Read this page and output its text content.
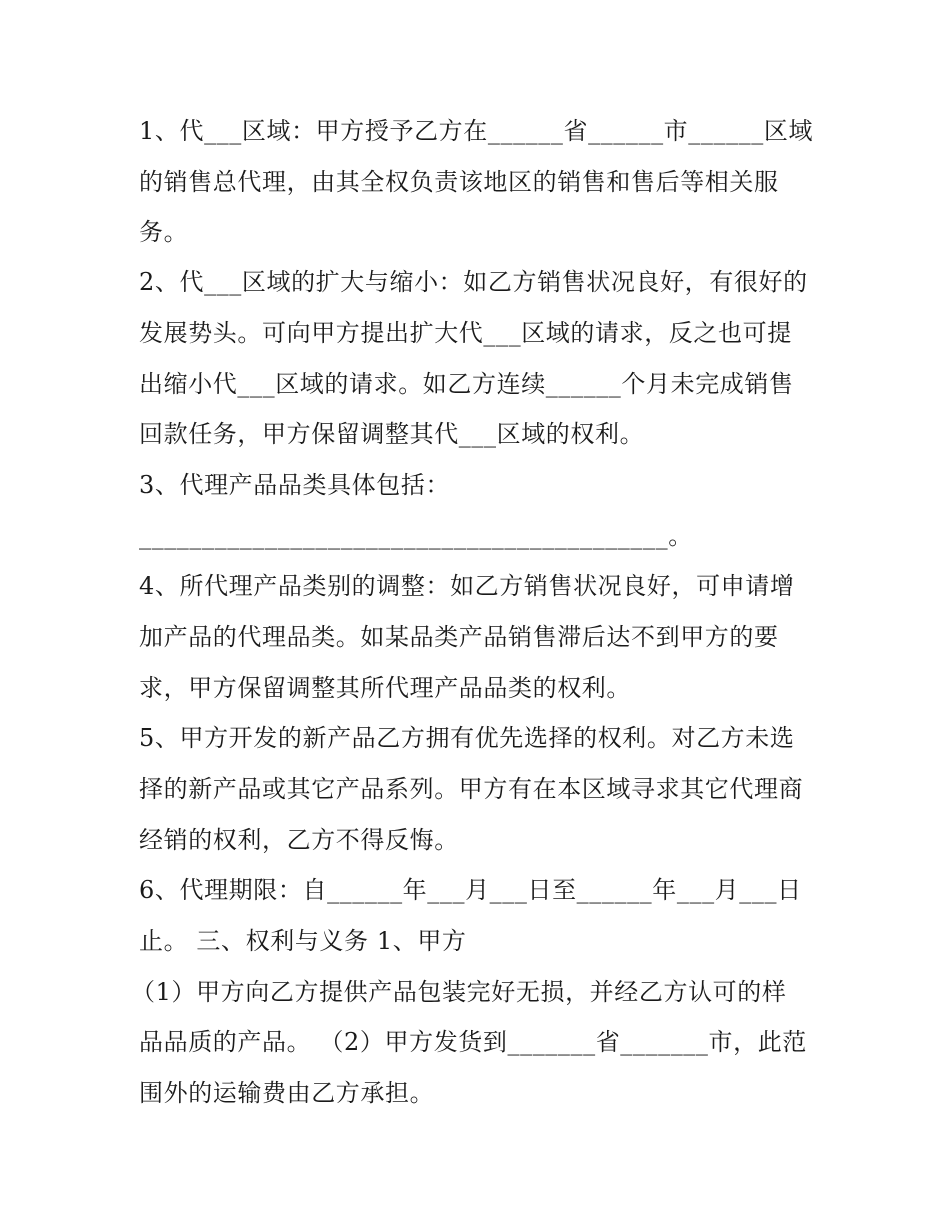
1、代___区域：甲方授予乙方在______省______市______区域
的销售总代理，由其全权负责该地区的销售和售后等相关服
务。
2、代___区域的扩大与缩小：如乙方销售状况良好，有很好的
发展势头。可向甲方提出扩大代___区域的请求，反之也可提
出缩小代___区域的请求。如乙方连续______个月未完成销售
回款任务，甲方保留调整其代___区域的权利。
3、代理产品品类具体包括：
__________________________________________。
4、所代理产品类别的调整：如乙方销售状况良好，可申请增
加产品的代理品类。如某品类产品销售滞后达不到甲方的要
求，甲方保留调整其所代理产品品类的权利。
5、甲方开发的新产品乙方拥有优先选择的权利。对乙方未选
择的新产品或其它产品系列。甲方有在本区域寻求其它代理商
经销的权利，乙方不得反悔。
6、代理期限：自______年___月___日至______年___月___日
止。 三、权利与义务 1、甲方
（1）甲方向乙方提供产品包装完好无损，并经乙方认可的样
品品质的产品。 （2）甲方发货到_______省_______市，此范
围外的运输费由乙方承担。
